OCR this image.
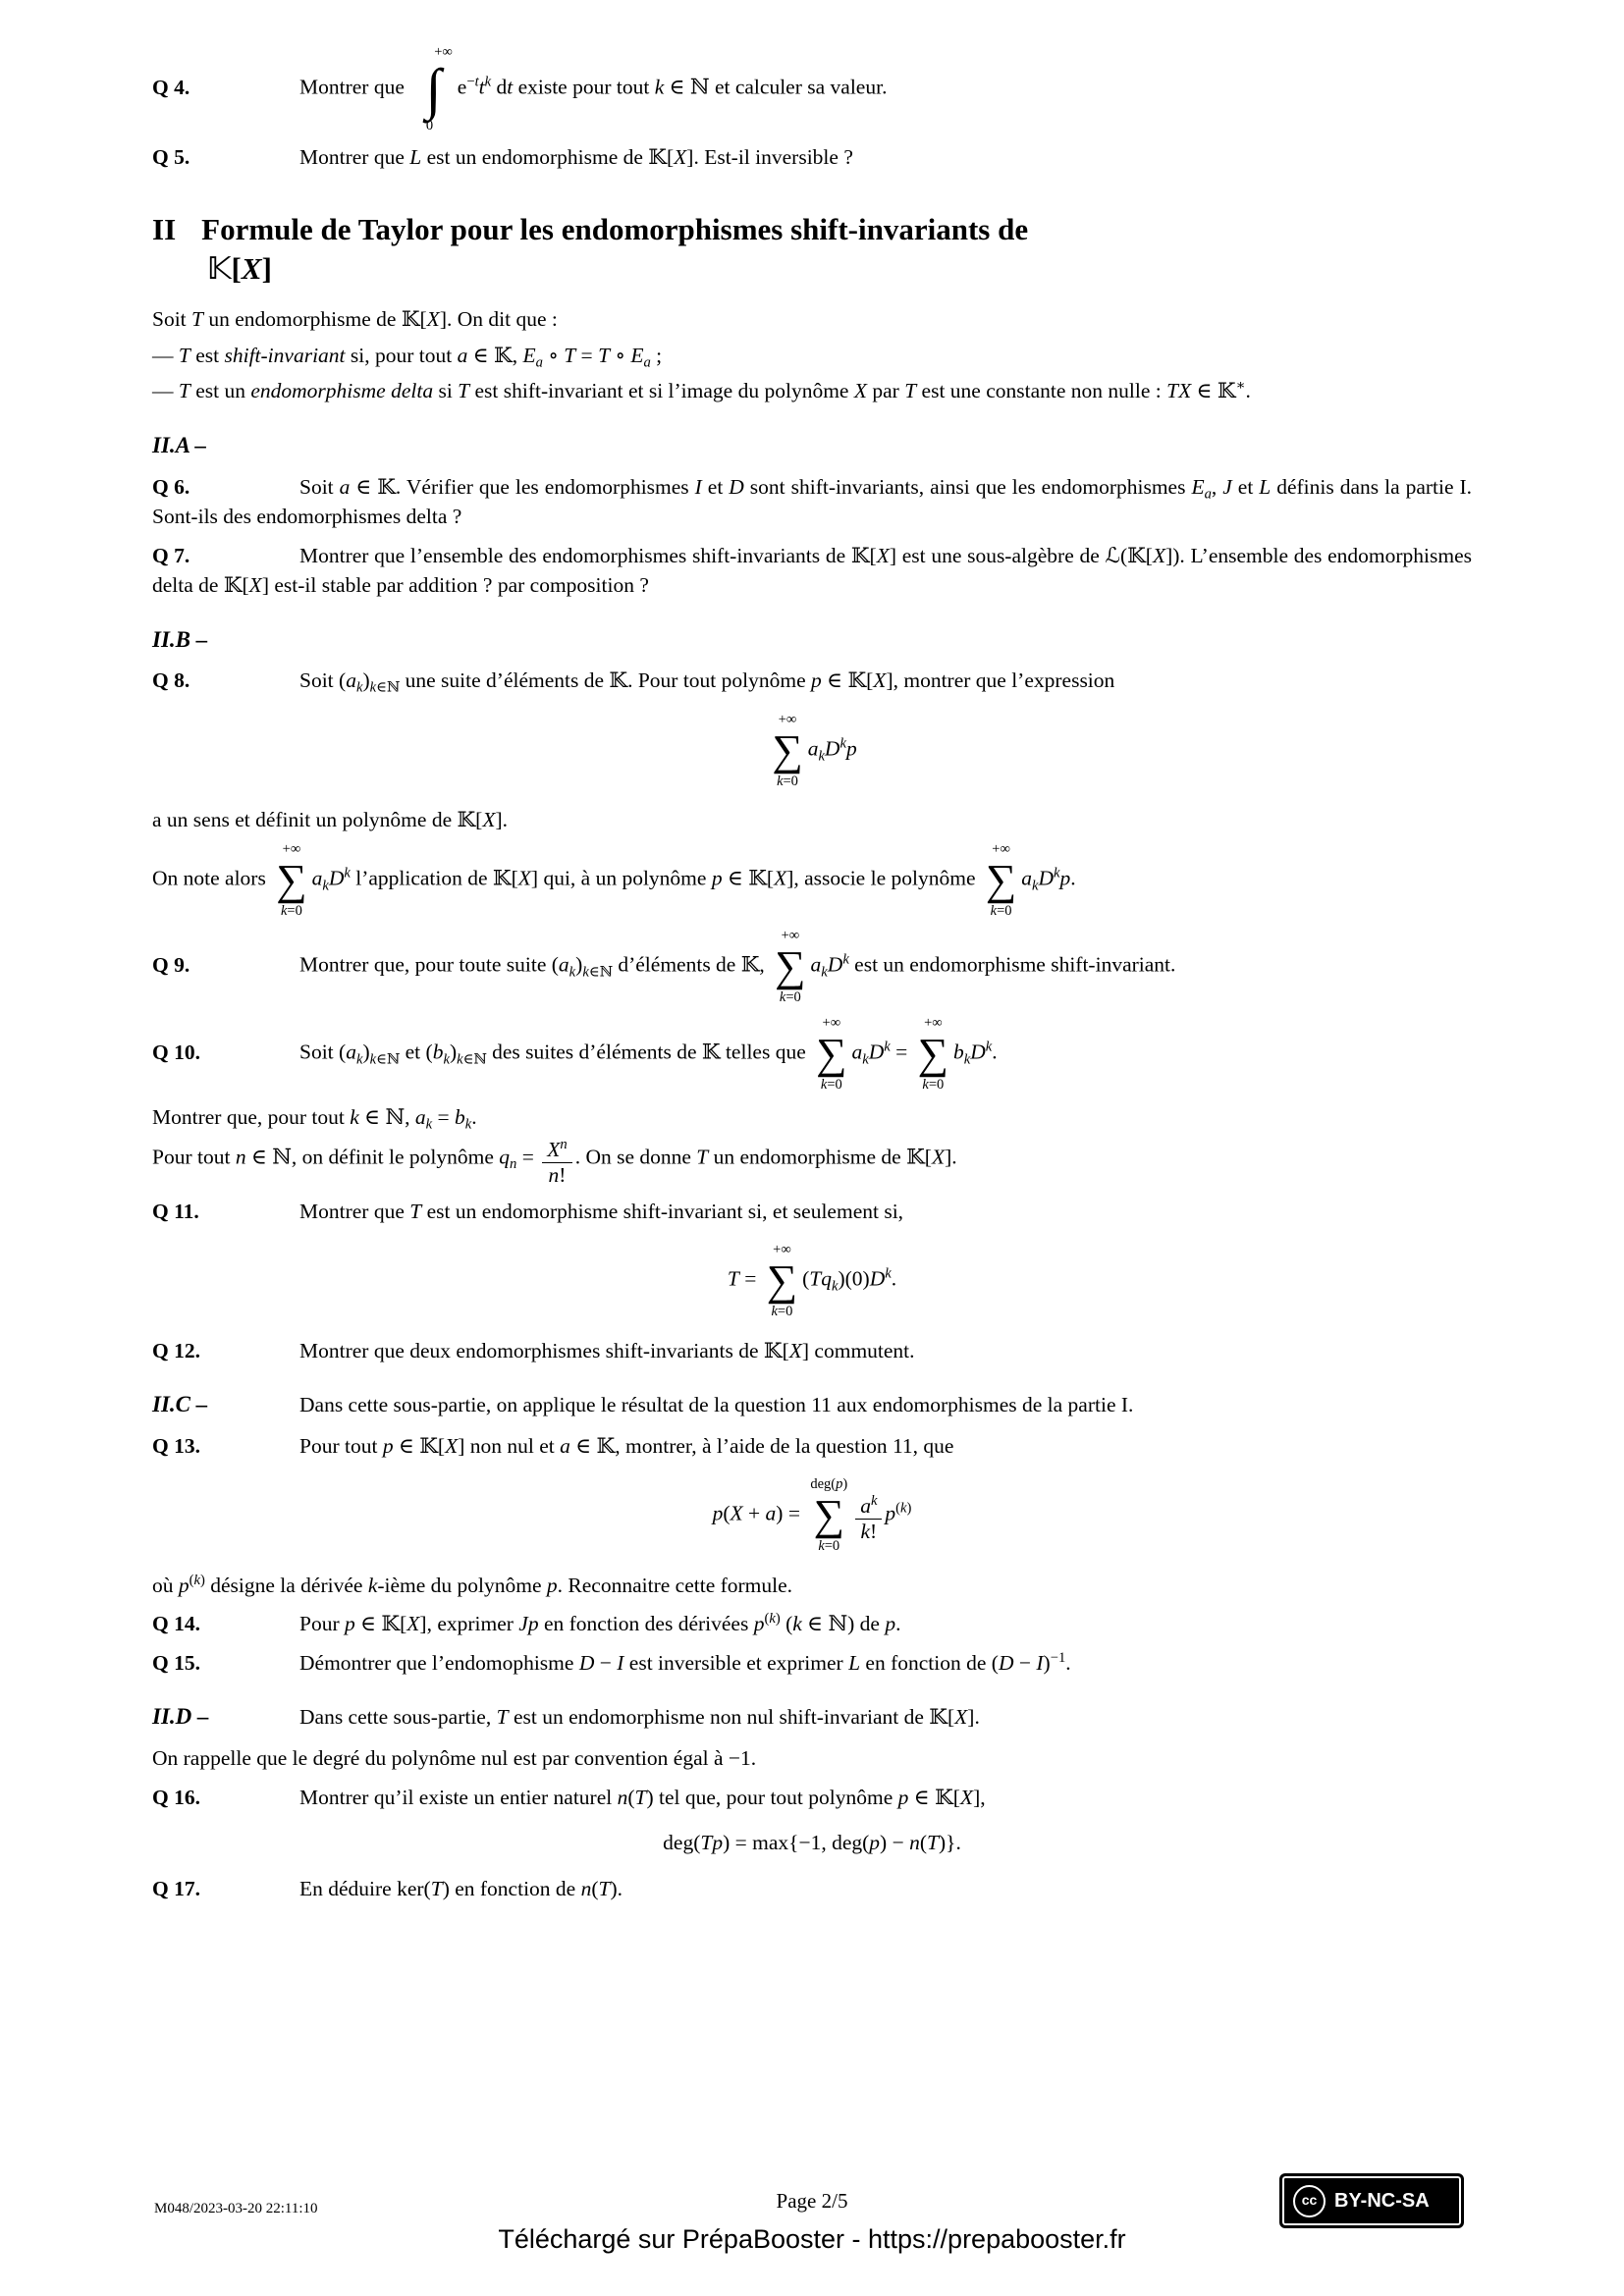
Q 4.	Montrer que
+∞
∫
0
$e^{-t}t^k$ dt existe pour tout k ∈ ℕ et calculer sa valeur.
Q 5.	Montrer que L est un endomorphisme de 𝕂[X]. Est-il inversible ?
II Formule de Taylor pour les endomorphismes shift-invariants de
𝕂[X]
Soit T un endomorphisme de 𝕂[X]. On dit que :
— T est shift-invariant si, pour tout a ∈ 𝕂, $E_a$ ∘ T = T ∘ $E_a$ ;
— T est un endomorphisme delta si T est shift-invariant et si l’image du polynôme X par T est une constante non nulle : TX ∈ 𝕂∗.
II.A –
Q 6.	Soit a ∈ 𝕂. Vérifier que les endomorphismes I et D sont shift-invariants, ainsi que les endomorphismes $E_a$, J et L définis dans la partie I. Sont-ils des endomorphismes delta ?
Q 7.	Montrer que l’ensemble des endomorphismes shift-invariants de 𝕂[X] est une sous-algèbre de ℒ(𝕂[X]). L’ensemble des endomorphismes delta de 𝕂[X] est-il stable par addition ? par composition ?
II.B –
Q 8.	Soit $(a_k)_{k\in ℕ}$ une suite d’éléments de 𝕂. Pour tout polynôme p ∈ 𝕂[X], montrer que l’expression
+∞
∑
k=0
$a_kD^kp$
a un sens et définit un polynôme de 𝕂[X].
On note alors
+∞
∑
k=0
$a_kD^k$ l’application de 𝕂[X] qui, à un polynôme p ∈ 𝕂[X], associe le polynôme
+∞
∑
k=0
$a_kD^kp$.
Q 9.	Montrer que, pour toute suite $(a_k)_{k\in ℕ}$ d’éléments de 𝕂,
+∞
∑
k=0
$a_kD^k$ est un endomorphisme shift-invariant.
Q 10.	Soit $(a_k)_{k\in ℕ}$ et $(b_k)_{k\in ℕ}$ des suites d’éléments de 𝕂 telles que
+∞
∑
k=0
$a_kD^k$ =
+∞
∑
k=0
$b_kD^k$.
Montrer que, pour tout k ∈ ℕ, $a_k = b_k$.
Pour tout n ∈ ℕ, on définit le polynôme $q_n = \frac{X^n}{n!}$ . On se donne T un endomorphisme de 𝕂[X].
Q 11.	Montrer que T est un endomorphisme shift-invariant si, et seulement si,
T =
+∞
∑
k=0
$(Tq_k)(0)D^k$.
Q 12.	Montrer que deux endomorphismes shift-invariants de 𝕂[X] commutent.
II.C –	Dans cette sous-partie, on applique le résultat de la question 11 aux endomorphismes de la partie I.
Q 13.	Pour tout p ∈ 𝕂[X] non nul et a ∈ 𝕂, montrer, à l’aide de la question 11, que
p(X + a) =
deg(p)
∑
k=0
$\frac{a^k}{k!} p^{(k)}$
où $p^{(k)}$ désigne la dérivée k-ième du polynôme p. Reconnaitre cette formule.
Q 14.	Pour p ∈ 𝕂[X], exprimer Jp en fonction des dérivées $p^{(k)}$ (k ∈ ℕ) de p.
Q 15.	Démontrer que l’endomophisme D − I est inversible et exprimer L en fonction de $(D - I)^{-1}$.
II.D –	Dans cette sous-partie, T est un endomorphisme non nul shift-invariant de 𝕂[X].
On rappelle que le degré du polynôme nul est par convention égal à −1.
Q 16.	Montrer qu’il existe un entier naturel n(T) tel que, pour tout polynôme p ∈ 𝕂[X],
deg(Tp) = max{−1, deg(p) − n(T)}.
Q 17.	En déduire ker(T) en fonction de n(T).
M048/2023-03-20 22:11:10	Page 2/5	cc BY-NC-SA
Téléchargé sur PrépaBooster - https://prepabooster.fr
